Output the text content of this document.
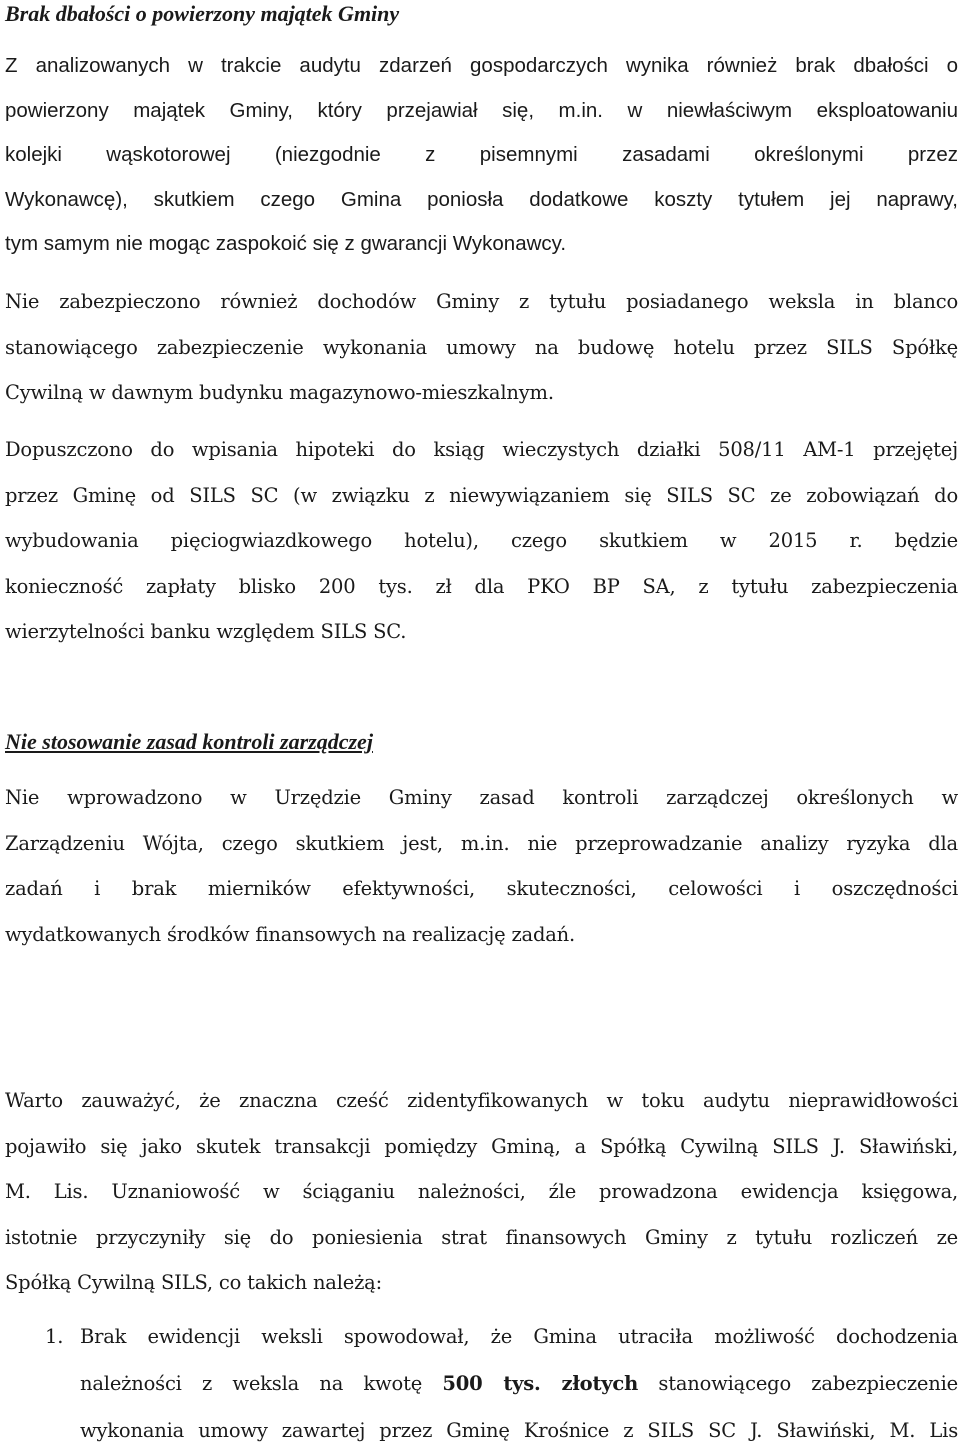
Brak dbałości o powierzony majątek Gminy
Z analizowanych w trakcie audytu zdarzeń gospodarczych wynika również brak dbałości o
powierzony majątek Gminy, który przejawiał się, m.in. w niewłaściwym eksploatowaniu
kolejki wąskotorowej (niezgodnie z pisemnymi zasadami określonymi przez
Wykonawcę), skutkiem czego Gmina poniosła dodatkowe koszty tytułem jej naprawy,
tym samym nie mogąc zaspokoić się z gwarancji Wykonawcy.
Nie zabezpieczono również dochodów Gminy z tytułu posiadanego weksla in blanco
stanowiącego zabezpieczenie wykonania umowy na budowę hotelu przez SILS Spółkę
Cywilną w dawnym budynku magazynowo-mieszkalnym.
Dopuszczono do wpisania hipoteki do ksiąg wieczystych działki 508/11 AM-1 przejętej
przez Gminę od SILS SC (w związku z niewywiązaniem się SILS SC ze zobowiązań do
wybudowania pięciogwiazdkowego hotelu), czego skutkiem w 2015 r. będzie
konieczność zapłaty blisko 200 tys. zł dla PKO BP SA, z tytułu zabezpieczenia
wierzytelności banku względem SILS SC.
Nie stosowanie zasad kontroli zarządczej
Nie wprowadzono w Urzędzie Gminy zasad kontroli zarządczej określonych w
Zarządzeniu Wójta, czego skutkiem jest, m.in. nie przeprowadzanie analizy ryzyka dla
zadań i brak mierników efektywności, skuteczności, celowości i oszczędności
wydatkowanych środków finansowych na realizację zadań.
Warto zauważyć, że znaczna cześć zidentyfikowanych w toku audytu nieprawidłowości
pojawiło się jako skutek transakcji pomiędzy Gminą, a Spółką Cywilną SILS J. Sławiński,
M. Lis. Uznaniowość w ściąganiu należności, źle prowadzona ewidencja księgowa,
istotnie przyczyniły się do poniesienia strat finansowych Gminy z tytułu rozliczeń ze
Spółką Cywilną SILS, co takich należą:
1. Brak ewidencji weksli spowodował, że Gmina utraciła możliwość dochodzenia
należności z weksla na kwotę 500 tys. złotych stanowiącego zabezpieczenie
wykonania umowy zawartej przez Gminę Krośnice z SILS SC J. Sławiński, M. Lis
